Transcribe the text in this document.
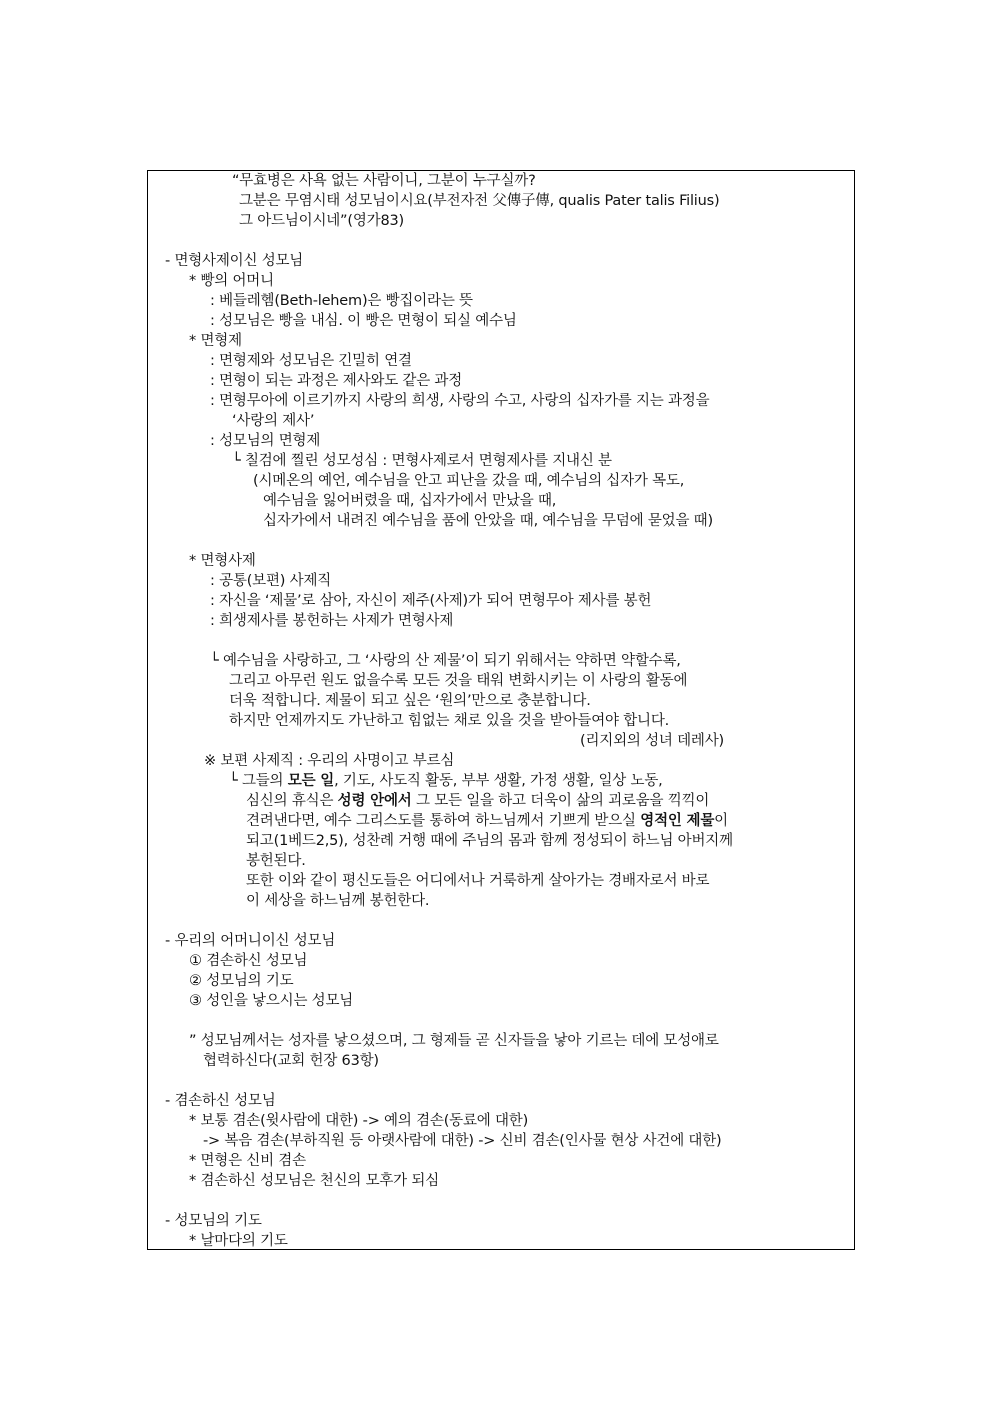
“무효병은 사욕 없는 사람이니, 그분이 누구실까?
그분은 무염시태 성모님이시요(부전자전 父傳子傳, qualis Pater talis Filius)
그 아드님이시네”(영가83)
- 면형사제이신 성모님
* 빵의 어머니
: 베들레헴(Beth-lehem)은 빵집이라는 뜻
: 성모님은 빵을 내심. 이 빵은 면형이 되실 예수님
* 면형제
: 면형제와 성모님은 긴밀히 연결
: 면형이 되는 과정은 제사와도 같은 과정
: 면형무아에 이르기까지 사랑의 희생, 사랑의 수고, 사랑의 십자가를 지는 과정을
‘사랑의 제사’
: 성모님의 면형제
└ 칠검에 찔린 성모성심 : 면형사제로서 면형제사를 지내신 분
(시메온의 예언, 예수님을 안고 피난을 갔을 때, 예수님의 십자가 목도,
예수님을 잃어버렸을 때, 십자가에서 만났을 때,
십자가에서 내려진 예수님을 품에 안았을 때, 예수님을 무덤에 묻었을 때)
* 면형사제
: 공통(보편) 사제직
: 자신을 ‘제물’로 삼아, 자신이 제주(사제)가 되어 면형무아 제사를 봉헌
: 희생제사를 봉헌하는 사제가 면형사제
└ 예수님을 사랑하고, 그 ‘사랑의 산 제물’이 되기 위해서는 약하면 약할수록,
그리고 아무런 원도 없을수록 모든 것을 태워 변화시키는 이 사랑의 활동에
더욱 적합니다. 제물이 되고 싶은 ‘원의’만으로 충분합니다.
하지만 언제까지도 가난하고 힘없는 채로 있을 것을 받아들여야 합니다.
(리지외의 성녀 데레사)
※ 보편 사제직 : 우리의 사명이고 부르심
└ 그들의 모든 일, 기도, 사도직 활동, 부부 생활, 가정 생활, 일상 노동,
심신의 휴식은 성령 안에서 그 모든 일을 하고 더욱이 삶의 괴로움을 끽끽이
견려낸다면, 예수 그리스도를 통하여 하느님께서 기쁘게 받으실 영적인 제물이
되고(1베드2,5), 성찬례 거행 때에 주님의 몸과 함께 정성되이 하느님 아버지께
봉헌된다.
또한 이와 같이 평신도들은 어디에서나 거룩하게 살아가는 경배자로서 바로
이 세상을 하느님께 봉헌한다.
- 우리의 어머니이신 성모님
① 겸손하신 성모님
② 성모님의 기도
③ 성인을 낳으시는 성모님
” 성모님께서는 성자를 낳으셨으며, 그 형제들 곧 신자들을 낳아 기르는 데에 모성애로
협력하신다(교회 헌장 63항)
- 겸손하신 성모님
* 보통 겸손(윗사람에 대한) -> 예의 겸손(동료에 대한)
-> 복음 겸손(부하직원 등 아랫사람에 대한) -> 신비 겸손(인사물 현상 사건에 대한)
* 면형은 신비 겸손
* 겸손하신 성모님은 천신의 모후가 되심
- 성모님의 기도
* 날마다의 기도
